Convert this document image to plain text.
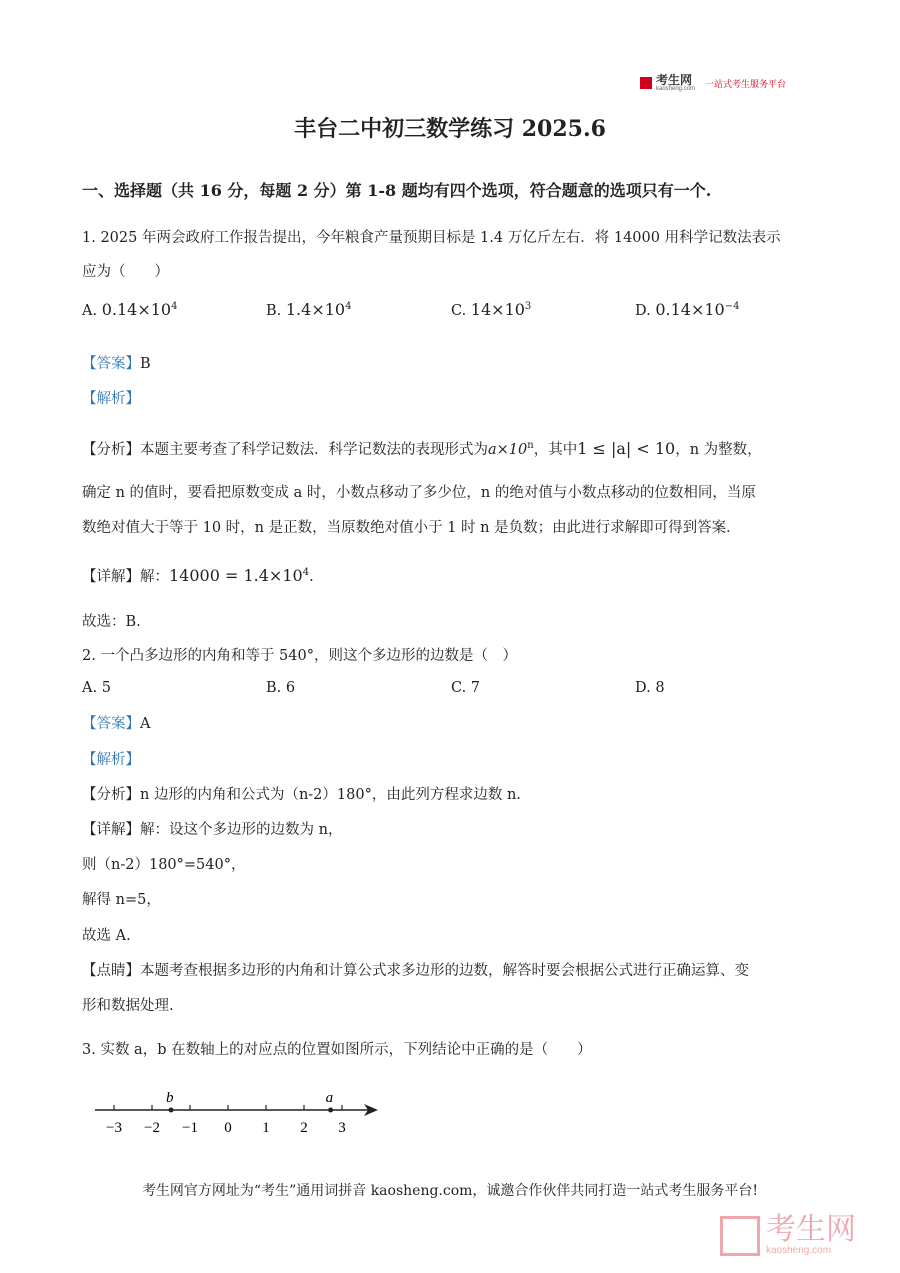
考生网
kaosheng.com
一站式考生服务平台
丰台二中初三数学练习 2025.6
一、选择题（共 16 分，每题 2 分）第 1-8 题均有四个选项，符合题意的选项只有一个.
1. 2025 年两会政府工作报告提出，今年粮食产量预期目标是 1.4 万亿斤左右．将 14000 用科学记数法表示
应为（　　）
A. $0.14\times 10^4$	B. $1.4\times 10^4$	C. $14\times 10^3$	D. $0.14\times 10^{-4}$
【答案】B
【解析】
【分析】本题主要考查了科学记数法．科学记数法的表现形式为$a\times 10^n$，其中1 ≤ |a| < 10，n 为整数，
确定 n 的值时，要看把原数变成 a 时，小数点移动了多少位，n 的绝对值与小数点移动的位数相同，当原
数绝对值大于等于 10 时，n 是正数，当原数绝对值小于 1 时 n 是负数；由此进行求解即可得到答案．
【详解】解：$14000 = 1.4\times 10^4$.
故选：B.
2. 一个凸多边形的内角和等于 540°，则这个多边形的边数是（　）
A. 5	B. 6	C. 7	D. 8
【答案】A
【解析】
【分析】n 边形的内角和公式为（n-2）180°，由此列方程求边数 n.
【详解】解：设这个多边形的边数为 n，
则（n-2）180°=540°，
解得 n=5，
故选 A.
【点睛】本题考查根据多边形的内角和计算公式求多边形的边数，解答时要会根据公式进行正确运算、变
形和数据处理.
3. 实数 a，b 在数轴上的对应点的位置如图所示，下列结论中正确的是（　　）
−3 −2 −1 0 1 2 3
b	a
考生网官方网址为“考生”通用词拼音 kaosheng.com，诚邀合作伙伴共同打造一站式考生服务平台!
考生网
kaosheng.com
